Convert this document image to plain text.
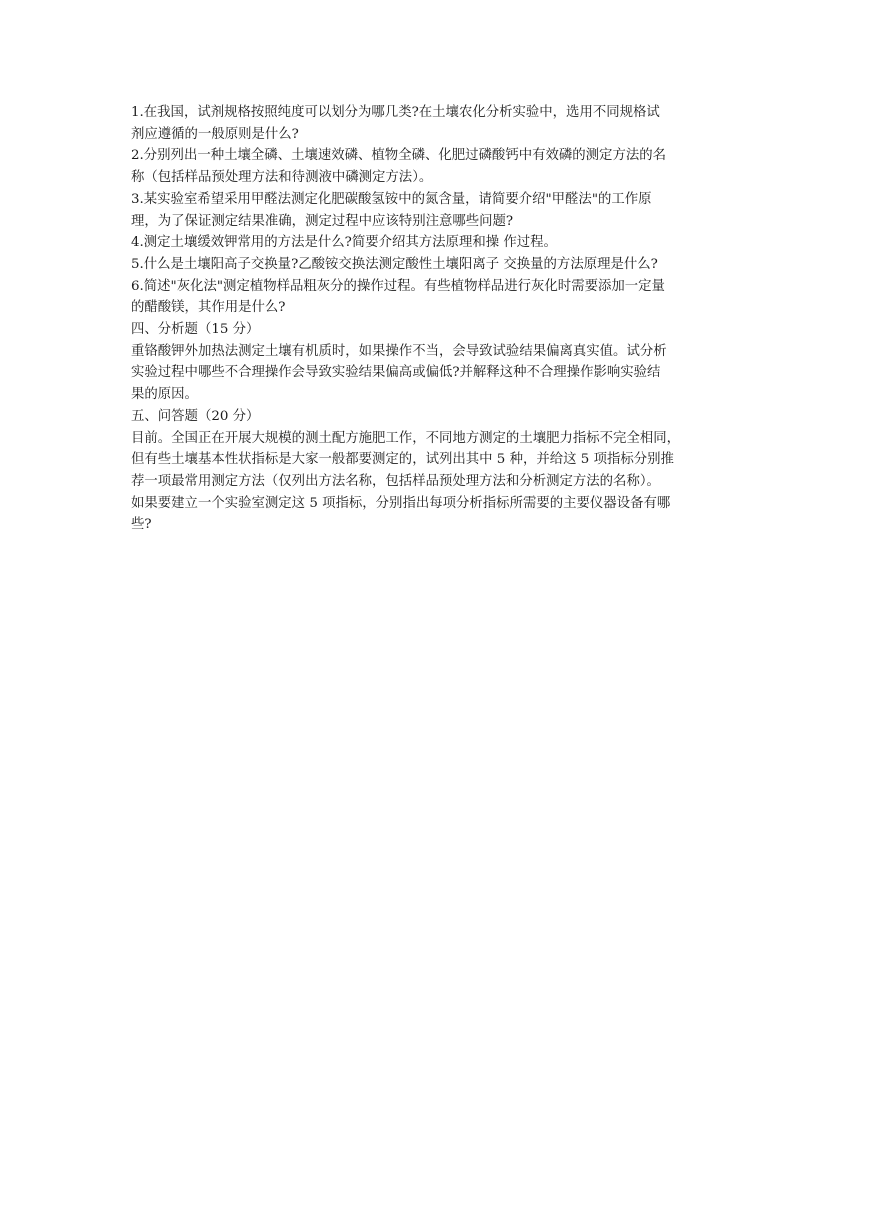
1.在我国，试剂规格按照纯度可以划分为哪几类?在土壤农化分析实验中，选用不同规格试

剂应遵循的一般原则是什么?

2.分别列出一种土壤全磷、土壤速效磷、植物全磷、化肥过磷酸钙中有效磷的测定方法的名

称（包括样品预处理方法和待测液中磷测定方法）。

3.某实验室希望采用甲醛法测定化肥碳酸氢铵中的氮含量，请简要介绍"甲醛法"的工作原

理，为了保证测定结果准确，测定过程中应该特别注意哪些问题?

4.测定土壤缓效钾常用的方法是什么?简要介绍其方法原理和操 作过程。

5.什么是土壤阳高子交换量?乙酸铵交换法测定酸性土壤阳离子 交换量的方法原理是什么?

6.简述"灰化法"测定植物样品粗灰分的操作过程。有些植物样品进行灰化时需要添加一定量

的醋酸镁，其作用是什么?

四、分析题（15 分）

重铬酸钾外加热法测定土壤有机质时，如果操作不当，会导致试验结果偏离真实值。试分析

实验过程中哪些不合理操作会导致实验结果偏高或偏低?并解释这种不合理操作影响实验结

果的原因。

五、问答题（20 分）

目前。全国正在开展大规模的测土配方施肥工作，不同地方测定的土壤肥力指标不完全相同，

但有些土壤基本性状指标是大家一般都要测定的，试列出其中 5 种，并给这 5 项指标分别推

荐一项最常用测定方法（仅列出方法名称，包括样品预处理方法和分析测定方法的名称）。

如果要建立一个实验室测定这 5 项指标，分别指出每项分析指标所需要的主要仪器设备有哪

些?
